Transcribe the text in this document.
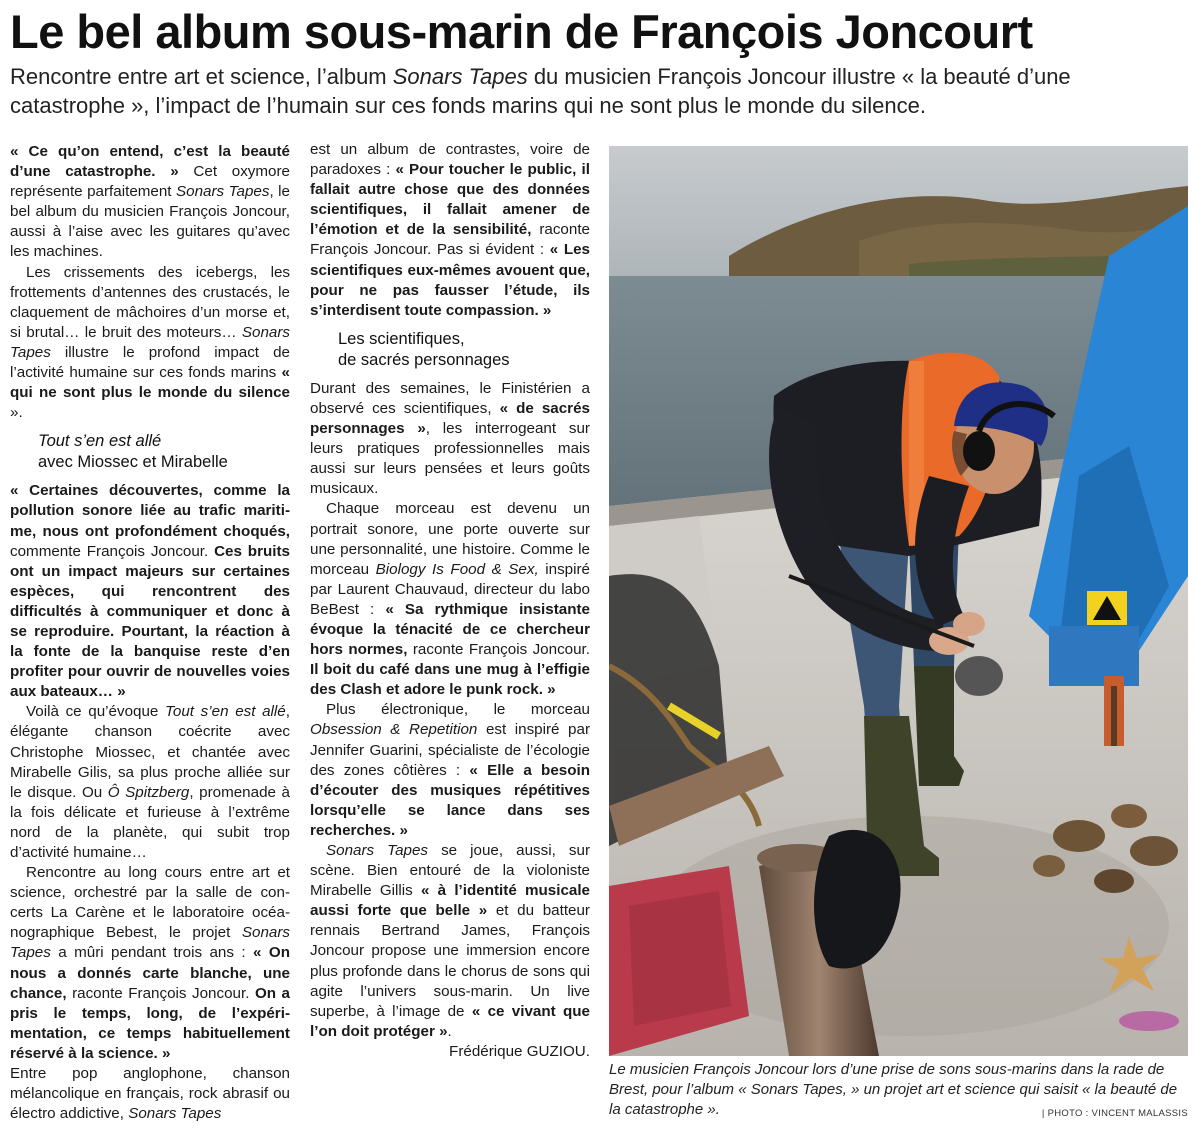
Le bel album sous-marin de François Joncourt

Rencontre entre art et science, l’album Sonars Tapes du musicien François Joncour illustre « la beauté d’une catastrophe », l’impact de l’humain sur ces fonds marins qui ne sont plus le monde du silence.

« Ce qu’on entend, c’est la beauté d’une catastrophe. » Cet oxymore représente parfaitement Sonars Tapes, le bel album du musicien François Joncour, aussi à l’aise avec les guitares qu’avec les machines.

Les crissements des icebergs, les frottements d’antennes des crustacés, le claquement de mâchoires d’un morse et, si brutal… le bruit des moteurs… Sonars Tapes illustre le profond impact de l’activité humaine sur ces fonds marins « qui ne sont plus le monde du silence ».

Tout s’en est allé
avec Miossec et Mirabelle

« Certaines découvertes, comme la pollution sonore liée au trafic maritime, nous ont profondément choqués, commente François Joncour. Ces bruits ont un impact majeurs sur certaines espèces, qui rencontrent des difficultés à communiquer et donc à se reproduire. Pourtant, la réaction à la fonte de la banquise reste d’en profiter pour ouvrir de nouvelles voies aux bateaux… »

Voilà ce qu’évoque Tout s’en est allé, élégante chanson coécrite avec Christophe Miossec, et chantée avec Mirabelle Gilis, sa plus proche alliée sur le disque. Ou Ô Spitzberg, promenade à la fois délicate et furieuse à l’extrême nord de la planète, qui subit trop d’activité humaine…

Rencontre au long cours entre art et science, orchestré par la salle de concerts La Carène et le laboratoire océanographique Bebest, le projet Sonars Tapes a mûri pendant trois ans : « On nous a donnés carte blanche, une chance, raconte François Joncour. On a pris le temps, long, de l’expérimentation, ce temps habituellement réservé à la science. »

Entre pop anglophone, chanson mélancolique en français, rock abrasif ou électro addictive, Sonars Tapes

est un album de contrastes, voire de paradoxes : « Pour toucher le public, il fallait autre chose que des données scientifiques, il fallait amener de l’émotion et de la sensibilité, raconte François Joncour. Pas si évident : « Les scientifiques eux-mêmes avouent que, pour ne pas fausser l’étude, ils s’interdisent toute compassion. »

Les scientifiques,
de sacrés personnages

Durant des semaines, le Finistérien a observé ces scientifiques, « de sacrés personnages », les interrogeant sur leurs pratiques professionnelles mais aussi sur leurs pensées et leurs goûts musicaux.

Chaque morceau est devenu un portrait sonore, une porte ouverte sur une personnalité, une histoire. Comme le morceau Biology Is Food & Sex, inspiré par Laurent Chauvaud, directeur du labo BeBest : « Sa rythmique insistante évoque la ténacité de ce chercheur hors normes, raconte François Joncour. Il boit du café dans une mug à l’effigie des Clash et adore le punk rock. »

Plus électronique, le morceau Obsession & Repetition est inspiré par Jennifer Guarini, spécialiste de l’écologie des zones côtières : « Elle a besoin d’écouter des musiques répétitives lorsqu’elle se lance dans ses recherches. »

Sonars Tapes se joue, aussi, sur scène. Bien entouré de la violoniste Mirabelle Gillis « à l’identité musicale aussi forte que belle » et du batteur rennais Bertrand James, François Joncour propose une immersion encore plus profonde dans le chorus de sons qui agite l’univers sous-marin. Un live superbe, à l’image de « ce vivant que l’on doit protéger ».

Frédérique GUZIOU.

Le musicien François Joncour lors d’une prise de sons sous-marins dans la rade de Brest, pour l’album « Sonars Tapes, » un projet art et science qui saisit « la beauté de la catastrophe ».	| PHOTO : VINCENT MALASSIS
